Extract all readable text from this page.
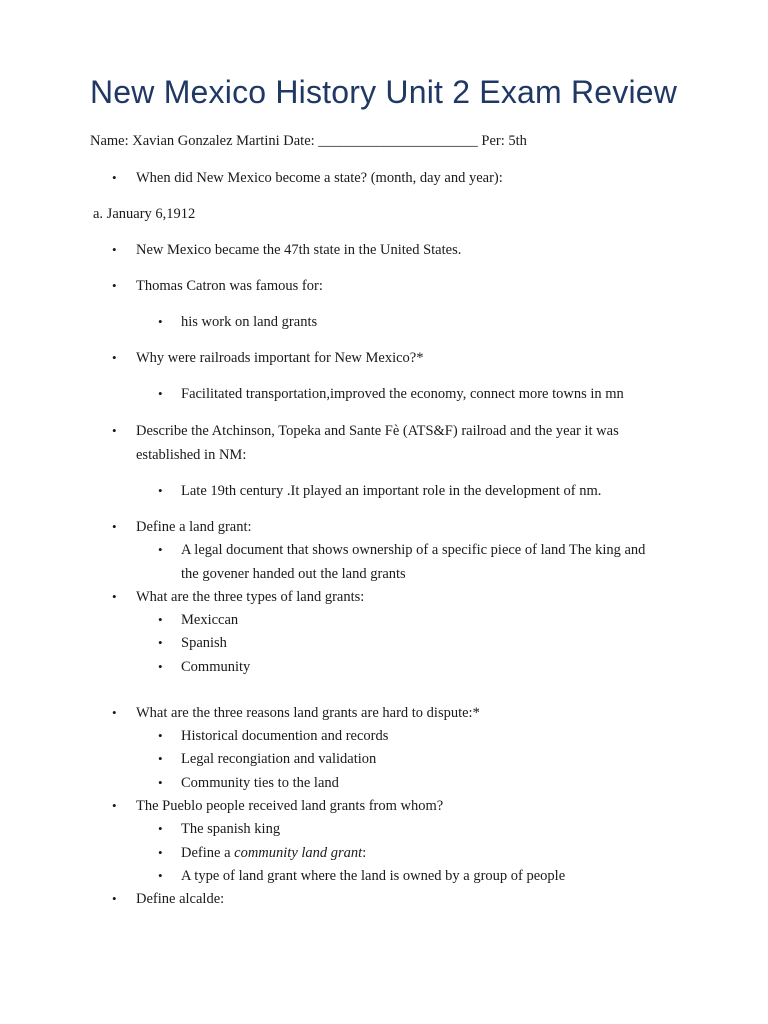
New Mexico History Unit 2 Exam Review
Name: Xavian Gonzalez Martini Date: ______________________ Per: 5th
• When did New Mexico become a state? (month, day and year):
a. January 6,1912
• New Mexico became the 47th state in the United States.
• Thomas Catron was famous for:
• his work on land grants
• Why were railroads important for New Mexico?*
• Facilitated transportation,improved the economy, connect more towns in mn
• Describe the Atchinson, Topeka and Sante Fè (ATS&F) railroad and the year it was
established in NM:
• Late 19th century .It played an important role in the development of nm.
• Define a land grant:
• A legal document that shows ownership of a specific piece of land The king and
the govener handed out the land grants
• What are the three types of land grants:
• Mexiccan
• Spanish
• Community
• What are the three reasons land grants are hard to dispute:*
• Historical documention and records
• Legal recongiation and validation
• Community ties to the land
• The Pueblo people received land grants from whom?
• The spanish king
• Define a community land grant:
• A type of land grant where the land is owned by a group of people
• Define alcalde:
